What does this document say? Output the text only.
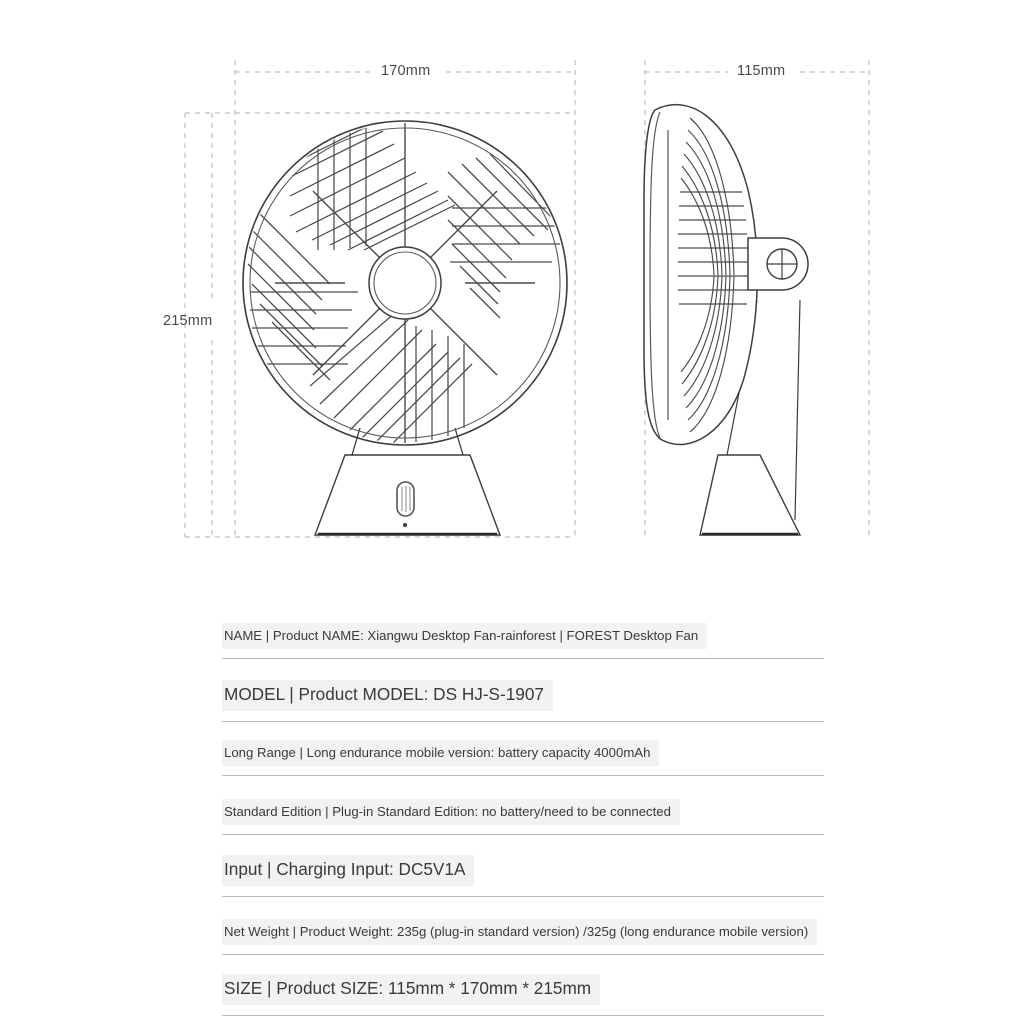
170mm	115mm
215mm
NAME | Product NAME: Xiangwu Desktop Fan-rainforest | FOREST Desktop Fan
MODEL | Product MODEL: DS HJ-S-1907
Long Range | Long endurance mobile version: battery capacity 4000mAh
Standard Edition | Plug-in Standard Edition: no battery/need to be connected
Input | Charging Input: DC5V1A
Net Weight | Product Weight: 235g (plug-in standard version) /325g (long endurance mobile version)
SIZE | Product SIZE: 115mm * 170mm * 215mm
